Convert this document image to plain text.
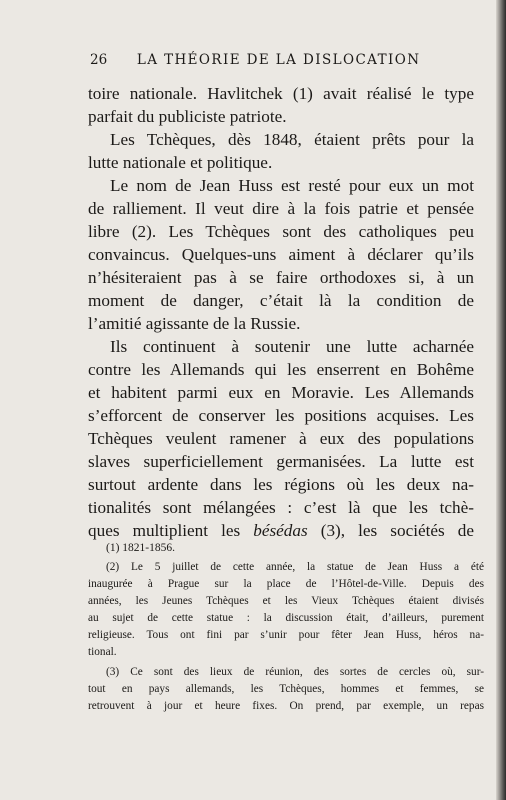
26 LA THÉORIE DE LA DISLOCATION

toire nationale. Havlitchek (1) avait réalisé le type

parfait du publiciste patriote.

Les Tchèques, dès 1848, étaient prêts pour la

lutte nationale et politique.

Le nom de Jean Huss est resté pour eux un mot

de ralliement. Il veut dire à la fois patrie et pensée

libre (2). Les Tchèques sont des catholiques peu

convaincus. Quelques-uns aiment à déclarer qu’ils

n’hésiteraient pas à se faire orthodoxes si, à un

moment de danger, c’était là la condition de

l’amitié agissante de la Russie.

Ils continuent à soutenir une lutte acharnée

contre les Allemands qui les enserrent en Bohême

et habitent parmi eux en Moravie. Les Allemands

s’efforcent de conserver les positions acquises. Les

Tchèques veulent ramener à eux des populations

slaves superficiellement germanisées. La lutte est

surtout ardente dans les régions où les deux na-

tionalités sont mélangées : c’est là que les tchè-

ques multiplient les bésédas (3), les sociétés de

(1) 1821-1856.
(2) Le 5 juillet de cette année, la statue de Jean Huss a été
inaugurée à Prague sur la place de l’Hôtel-de-Ville. Depuis des
années, les Jeunes Tchèques et les Vieux Tchèques étaient divisés
au sujet de cette statue : la discussion était, d’ailleurs, purement
religieuse. Tous ont fini par s’unir pour fêter Jean Huss, héros na-
tional.
(3) Ce sont des lieux de réunion, des sortes de cercles où, sur-
tout en pays allemands, les Tchèques, hommes et femmes, se
retrouvent à jour et heure fixes. On prend, par exemple, un repas
